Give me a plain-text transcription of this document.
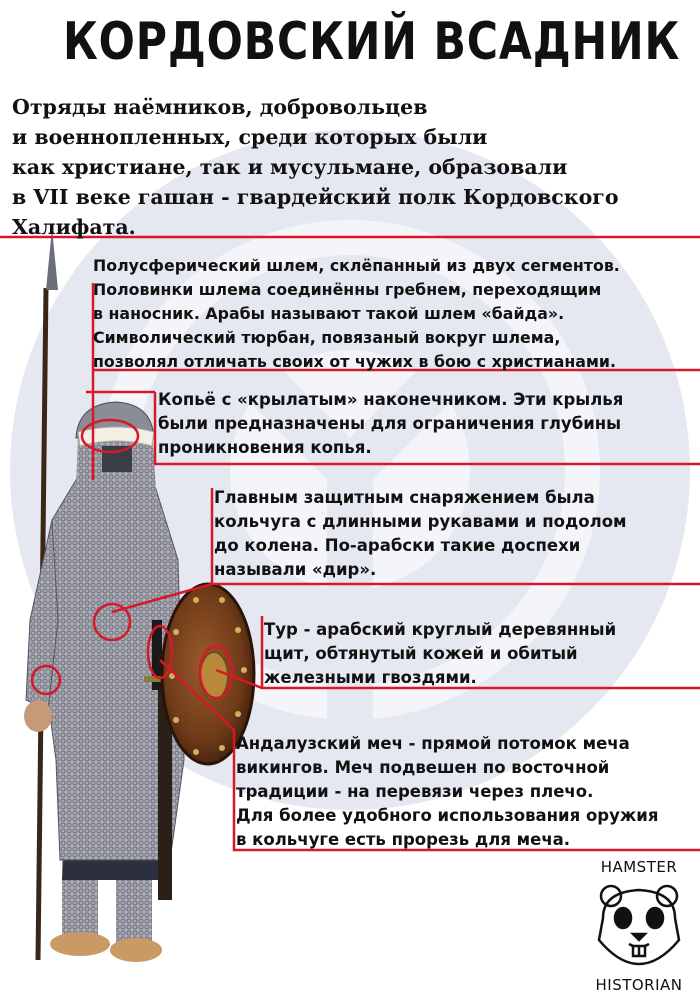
КОРДОВСКИЙ ВСАДНИК
Отряды наёмников, добровольцев
и военнопленных, среди которых были
как христиане, так и мусульмане, образовали
в VII веке гашан - гвардейский полк Кордовского
Халифата.
Полусферический шлем, склёпанный из двух сегментов.
Половинки шлема соединённы гребнем, переходящим
в наносник. Арабы называют такой шлем «байда».
Символический тюрбан, повязаный вокруг шлема,
позволял отличать своих от чужих в бою с христианами.
Копьё с «крылатым» наконечником. Эти крылья
были предназначены для ограничения глубины
проникновения копья.
Главным защитным снаряжением была
кольчуга с длинными рукавами и подолом
до колена. По-арабски такие доспехи
называли «дир».
Тур - арабский круглый деревянный
щит, обтянутый кожей и обитый
железными гвоздями.
Андалузский меч - прямой потомок меча
викингов. Меч подвешен по восточной
традиции - на перевязи через плечо.
Для более удобного использования оружия
в кольчуге есть прорезь для меча.
HAMSTER
HISTORIAN
